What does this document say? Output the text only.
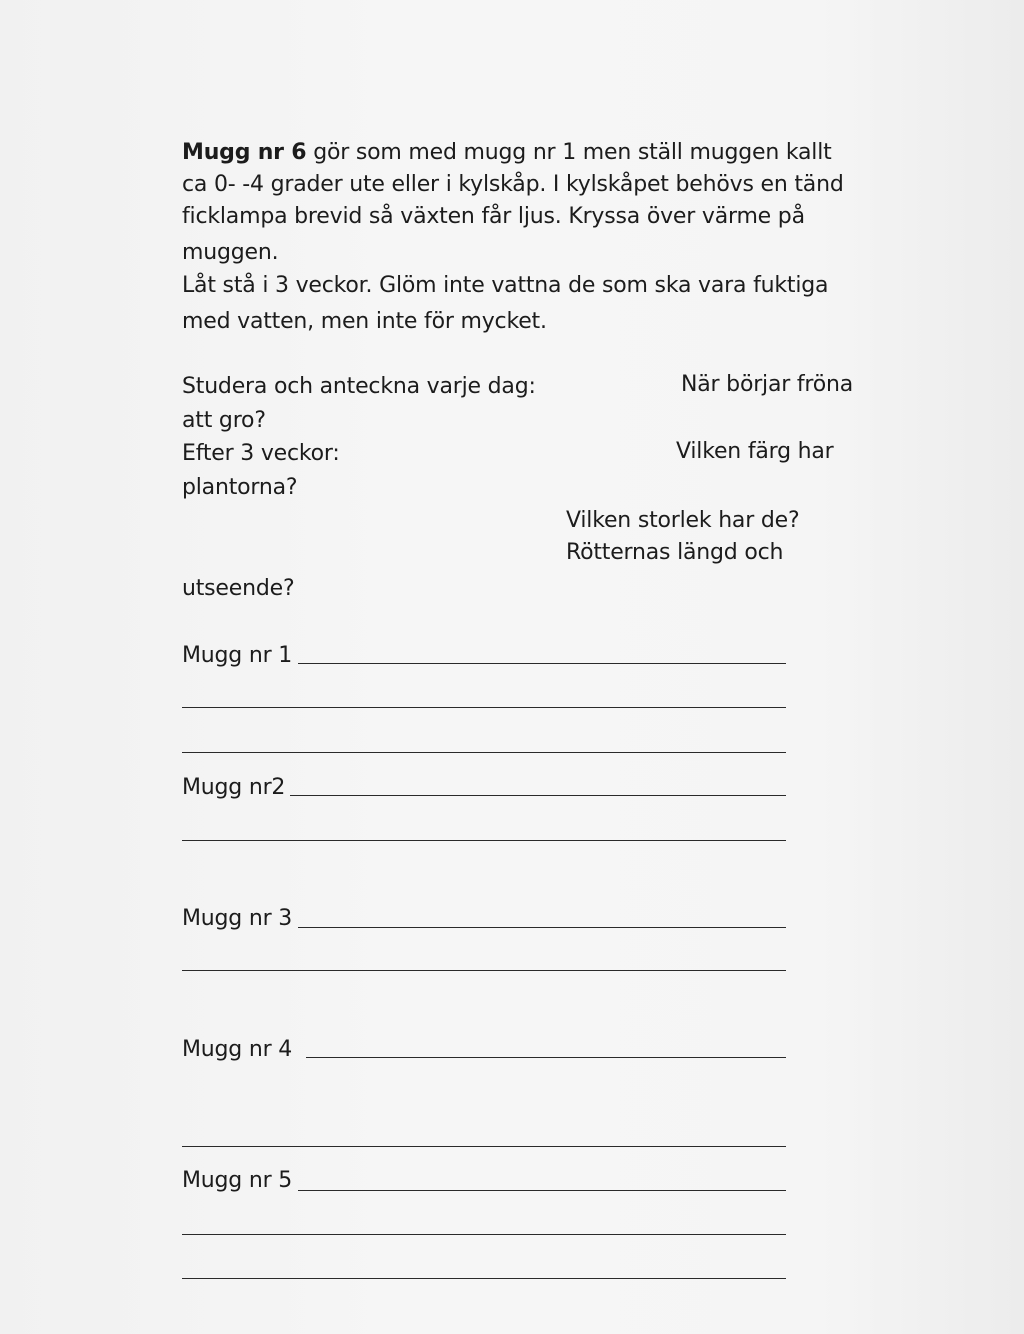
Mugg nr 6 gör som med mugg nr 1 men ställ muggen kallt
ca 0- -4 grader ute eller i kylskåp. I kylskåpet behövs en tänd
ficklampa brevid så växten får ljus. Kryssa över värme på
muggen.
Låt stå i 3 veckor. Glöm inte vattna de som ska vara fuktiga
med vatten, men inte för mycket.
Studera och anteckna varje dag:	När börjar fröna
att gro?
Efter 3 veckor:	Vilken färg har
plantorna?
Vilken storlek har de?
Rötternas längd och
utseende?
Mugg nr 1
Mugg nr2
Mugg nr 3
Mugg nr 4
Mugg nr 5
